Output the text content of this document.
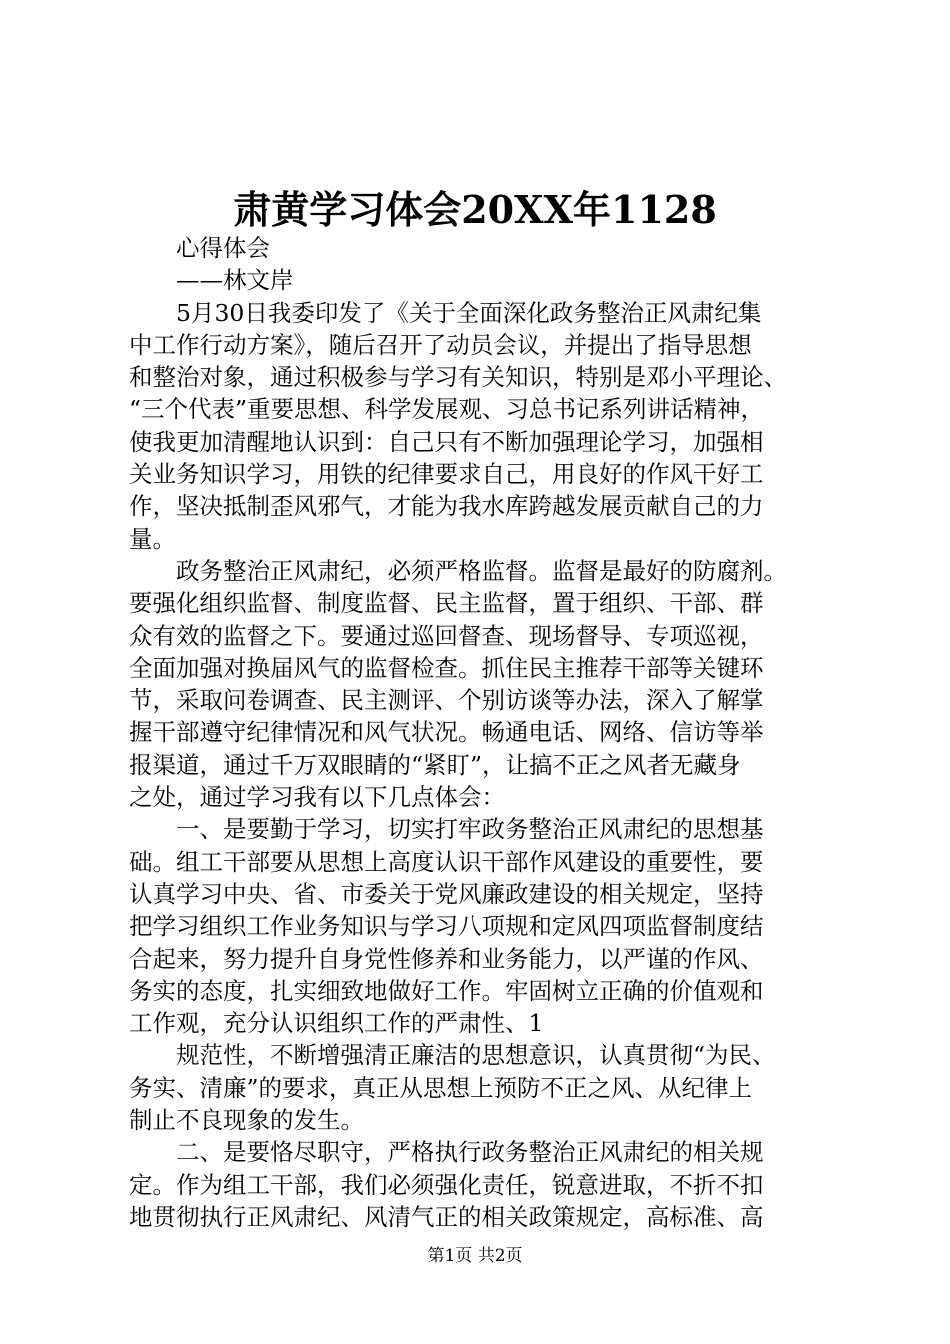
肃黄学习体会20XX年1128
心得体会
——林文岸
5月30日我委印发了《关于全面深化政务整治正风肃纪集
中工作行动方案》，随后召开了动员会议，并提出了指导思想
和整治对象，通过积极参与学习有关知识，特别是邓小平理论、
“三个代表”重要思想、科学发展观、习总书记系列讲话精神，
使我更加清醒地认识到：自己只有不断加强理论学习，加强相
关业务知识学习，用铁的纪律要求自己，用良好的作风干好工
作，坚决抵制歪风邪气，才能为我水库跨越发展贡献自己的力
量。
政务整治正风肃纪，必须严格监督。监督是最好的防腐剂。
要强化组织监督、制度监督、民主监督，置于组织、干部、群
众有效的监督之下。要通过巡回督查、现场督导、专项巡视，
全面加强对换届风气的监督检查。抓住民主推荐干部等关键环
节，采取问卷调查、民主测评、个别访谈等办法，深入了解掌
握干部遵守纪律情况和风气状况。畅通电话、网络、信访等举
报渠道，通过千万双眼睛的“紧盯”，让搞不正之风者无藏身
之处，通过学习我有以下几点体会：
一、是要勤于学习，切实打牢政务整治正风肃纪的思想基
础。组工干部要从思想上高度认识干部作风建设的重要性，要
认真学习中央、省、市委关于党风廉政建设的相关规定，坚持
把学习组织工作业务知识与学习八项规和定风四项监督制度结
合起来，努力提升自身党性修养和业务能力，以严谨的作风、
务实的态度，扎实细致地做好工作。牢固树立正确的价值观和
工作观，充分认识组织工作的严肃性、1
规范性，不断增强清正廉洁的思想意识，认真贯彻“为民、
务实、清廉”的要求，真正从思想上预防不正之风、从纪律上
制止不良现象的发生。
二、是要恪尽职守，严格执行政务整治正风肃纪的相关规
定。作为组工干部，我们必须强化责任，锐意进取，不折不扣
地贯彻执行正风肃纪、风清气正的相关政策规定，高标准、高
第1页 共2页
